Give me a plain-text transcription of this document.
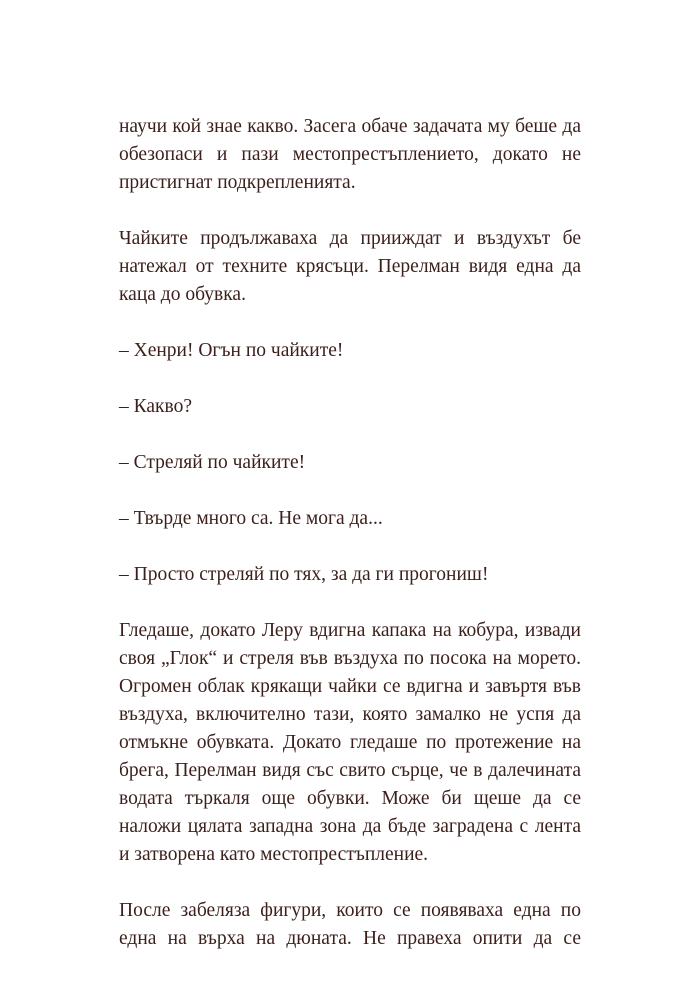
научи кой знае какво. Засега обаче задачата му беше да обезопаси и пази местопрестъплението, докато не пристигнат подкрепленията.

Чайките продължаваха да прииждат и въздухът бе натежал от техните крясъци. Перелман видя една да каца до обувка.

– Хенри! Огън по чайките!

– Какво?

– Стреляй по чайките!

– Твърде много са. Не мога да...

– Просто стреляй по тях, за да ги прогониш!

Гледаше, докато Леру вдигна капака на кобура, извади своя „Глок“ и стреля във въздуха по посока на морето. Огромен облак крякащи чайки се вдигна и завъртя във въздуха, включително тази, която замалко не успя да отмъкне обувката. Докато гледаше по протежение на брега, Перелман видя със свито сърце, че в далечината водата търкаля още обувки. Може би щеше да се наложи цялата западна зона да бъде заградена с лента и затворена като местопрестъпление.

После забеляза фигури, които се появяваха една по една на върха на дюната. Не правеха опити да се
